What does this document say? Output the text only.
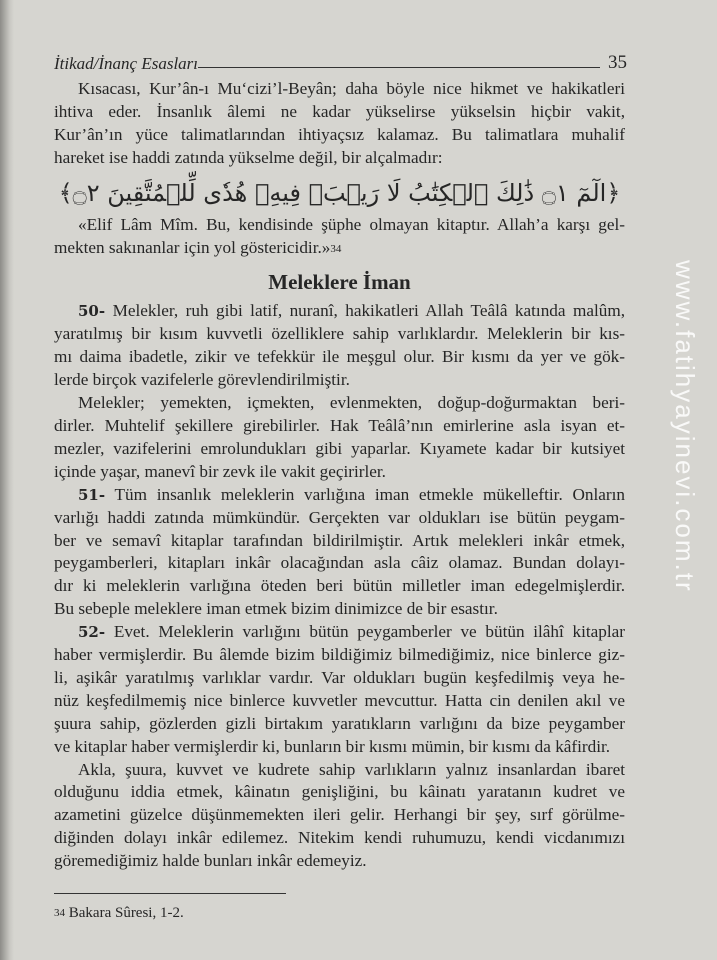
İtikad/İnanç Esasları	35
Kısacası, Kur’ân-ı Mu‘cizi’l-Beyân; daha böyle nice hikmet ve hakikatleri
ihtiva eder. İnsanlık âlemi ne kadar yükselirse yükselsin hiçbir vakit,
Kur’ân’ın yüce talimatlarından ihtiyaçsız kalamaz. Bu talimatlara muhalif
hareket ise haddi zatında yükselme değil, bir alçalmadır:
﴿الٓمٓ ۝١ ذَٰلِكَ ٱلۡكِتَٰبُ لَا رَيۡبَۛ فِيهِۛ هُدٗى لِّلۡمُتَّقِينَ ۝٢﴾
«Elif Lâm Mîm. Bu, kendisinde şüphe olmayan kitaptır. Allah’a karşı gel-
mekten sakınanlar için yol göstericidir.»34
Meleklere İman
50- Melekler, ruh gibi latif, nuranî, hakikatleri Allah Teâlâ katında malûm,
yaratılmış bir kısım kuvvetli özelliklere sahip varlıklardır. Meleklerin bir kıs-
mı daima ibadetle, zikir ve tefekkür ile meşgul olur. Bir kısmı da yer ve gök-
lerde birçok vazifelerle görevlendirilmiştir.
Melekler; yemekten, içmekten, evlenmekten, doğup-doğurmaktan beri-
dirler. Muhtelif şekillere girebilirler. Hak Teâlâ’nın emirlerine asla isyan et-
mezler, vazifelerini emrolundukları gibi yaparlar. Kıyamete kadar bir kutsiyet
içinde yaşar, manevî bir zevk ile vakit geçirirler.
51- Tüm insanlık meleklerin varlığına iman etmekle mükelleftir. Onların
varlığı haddi zatında mümkündür. Gerçekten var oldukları ise bütün peygam-
ber ve semavî kitaplar tarafından bildirilmiştir. Artık melekleri inkâr etmek,
peygamberleri, kitapları inkâr olacağından asla câiz olamaz. Bundan dolayı-
dır ki meleklerin varlığına öteden beri bütün milletler iman edegelmişlerdir.
Bu sebeple meleklere iman etmek bizim dinimizce de bir esastır.
52- Evet. Meleklerin varlığını bütün peygamberler ve bütün ilâhî kitaplar
haber vermişlerdir. Bu âlemde bizim bildiğimiz bilmediğimiz, nice binlerce giz-
li, aşikâr yaratılmış varlıklar vardır. Var oldukları bugün keşfedilmiş veya he-
nüz keşfedilmemiş nice binlerce kuvvetler mevcuttur. Hatta cin denilen akıl ve
şuura sahip, gözlerden gizli birtakım yaratıkların varlığını da bize peygamber
ve kitaplar haber vermişlerdir ki, bunların bir kısmı mümin, bir kısmı da kâfirdir.
Akla, şuura, kuvvet ve kudrete sahip varlıkların yalnız insanlardan ibaret
olduğunu iddia etmek, kâinatın genişliğini, bu kâinatı yaratanın kudret ve
azametini güzelce düşünmemekten ileri gelir. Herhangi bir şey, sırf görülme-
diğinden dolayı inkâr edilemez. Nitekim kendi ruhumuzu, kendi vicdanımızı
göremediğimiz halde bunları inkâr edemeyiz.
34 Bakara Sûresi, 1-2.
www.fatihyayinevi.com.tr
